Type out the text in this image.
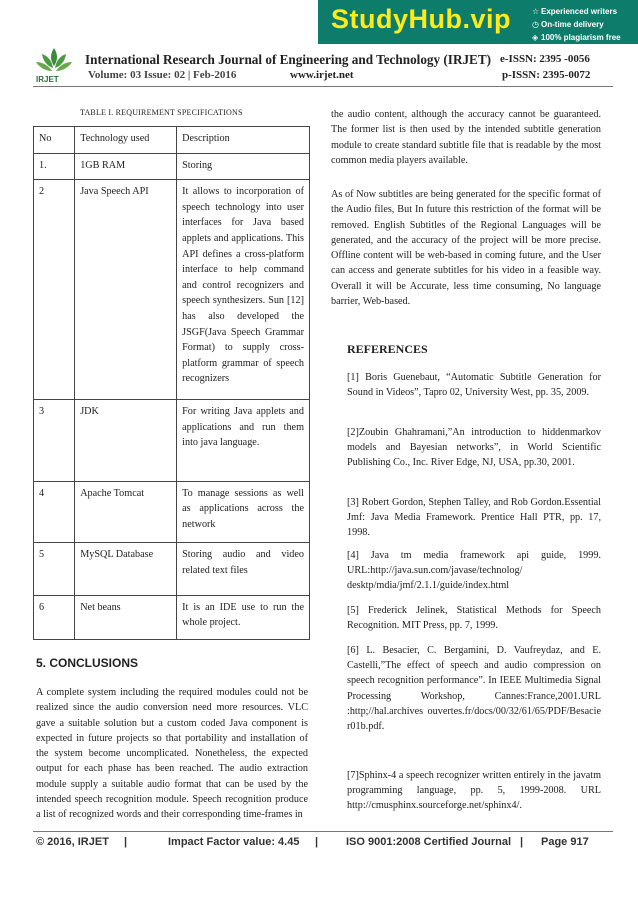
StudyHub.vip	☆ Experienced writers
◷ On-time delivery
◈ 100% plagiarism free
IRJET
International Research Journal of Engineering and Technology (IRJET) e-ISSN: 2395 -0056
Volume: 03 Issue: 02 | Feb-2016	www.irjet.net	p-ISSN: 2395-0072
TABLE I. REQUIREMENT SPECIFICATIONS
No	Technology used	Description
1.	1GB RAM	Storing
2	Java Speech API	It allows to incorporation of speech technology into user interfaces for Java based applets and applications. This API defines a cross-platform interface to help command and control recognizers and speech synthesizers. Sun [12] has also developed the JSGF(Java Speech Grammar Format) to supply cross-platform grammar of speech recognizers
3	JDK	For writing Java applets and applications and run them into java language.
4	Apache Tomcat	To manage sessions as well as applications across the network
5	MySQL Database	Storing audio and video related text files
6	Net beans	It is an IDE use to run the whole project.
5. CONCLUSIONS
A complete system including the required modules could not be realized since the audio conversion need more resources. VLC gave a suitable solution but a custom coded Java component is expected in future projects so that portability and installation of the system become uncomplicated. Nonetheless, the expected output for each phase has been reached. The audio extraction module supply a suitable audio format that can be used by the intended speech recognition module. Speech recognition produce a list of recognized words and their corresponding time-frames in
the audio content, although the accuracy cannot be guaranteed. The former list is then used by the intended subtitle generation module to create standard subtitle file that is readable by the most common media players available.
As of Now subtitles are being generated for the specific format of the Audio files, But In future this restriction of the format will be removed. English Subtitles of the Regional Languages will be generated, and the accuracy of the project will be more precise. Offline content will be web-based in coming future, and the User can access and generate subtitles for his video in a feasible way. Overall it will be Accurate, less time consuming, No language barrier, Web-based.
REFERENCES
[1] Boris Guenebaut, “Automatic Subtitle Generation for Sound in Videos”, Tapro 02, University West, pp. 35, 2009.
[2]Zoubin Ghahramani,”An introduction to hiddenmarkov models and Bayesian networks”, in World Scientific Publishing Co., Inc. River Edge, NJ, USA, pp.30, 2001.
[3] Robert Gordon, Stephen Talley, and Rob Gordon.Essential Jmf: Java Media Framework. Prentice Hall PTR, pp. 17, 1998.
[4] Java tm media framework api guide, 1999. URL:http://java.sun.com/javase/technolog/ desktp/mdia/jmf/2.1.1/guide/index.html
[5] Frederick Jelinek, Statistical Methods for Speech Recognition. MIT Press, pp. 7, 1999.
[6] L. Besacier, C. Bergamini, D. Vaufreydaz, and E. Castelli,”The effect of speech and audio compression on speech recognition performance”. In IEEE Multimedia Signal Processing Workshop, Cannes:France,2001.URL :http;//hal.archives ouvertes.fr/docs/00/32/61/65/PDF/Besacie r01b.pdf.
[7]Sphinx-4 a speech recognizer written entirely in the javatm programming language, pp. 5, 1999-2008. URL http://cmusphinx.sourceforge.net/sphinx4/.
© 2016, IRJET |	Impact Factor value: 4.45 |	ISO 9001:2008 Certified Journal | Page 917
